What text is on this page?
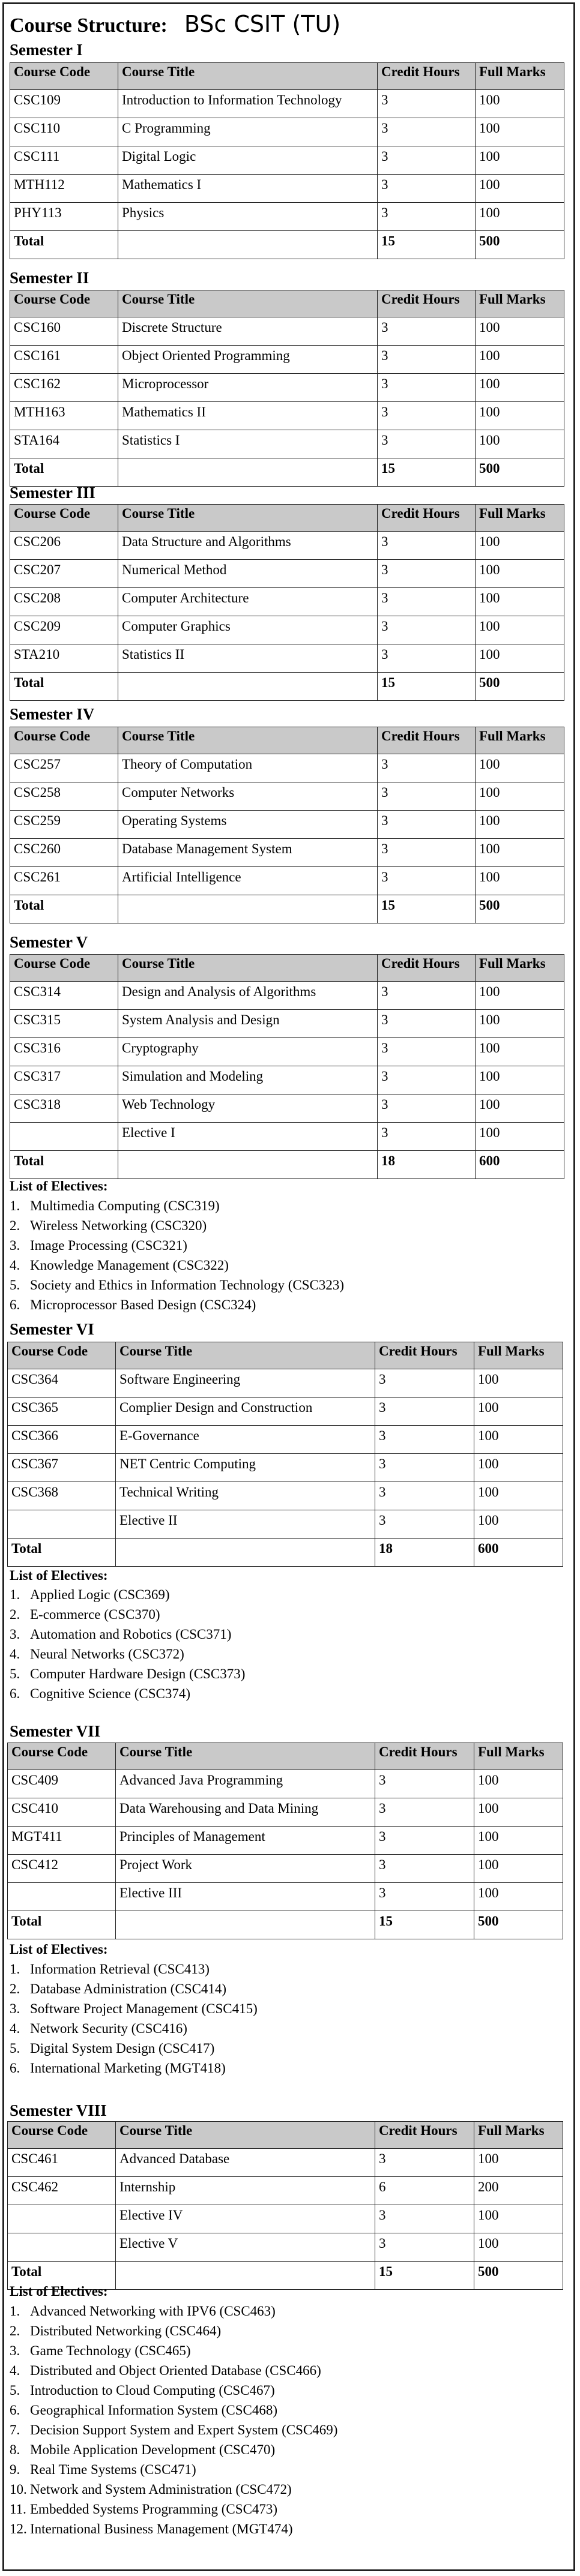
Course Structure: BSc CSIT (TU)
Semester I
Course Code	Course Title	Credit Hours	Full Marks
CSC109	Introduction to Information Technology	3	100
CSC110	C Programming	3	100
CSC111	Digital Logic	3	100
MTH112	Mathematics I	3	100
PHY113	Physics	3	100
Total		15	500
Semester II
Course Code	Course Title	Credit Hours	Full Marks
CSC160	Discrete Structure	3	100
CSC161	Object Oriented Programming	3	100
CSC162	Microprocessor	3	100
MTH163	Mathematics II	3	100
STA164	Statistics I	3	100
Total		15	500
Semester III
Course Code	Course Title	Credit Hours	Full Marks
CSC206	Data Structure and Algorithms	3	100
CSC207	Numerical Method	3	100
CSC208	Computer Architecture	3	100
CSC209	Computer Graphics	3	100
STA210	Statistics II	3	100
Total		15	500
Semester IV
Course Code	Course Title	Credit Hours	Full Marks
CSC257	Theory of Computation	3	100
CSC258	Computer Networks	3	100
CSC259	Operating Systems	3	100
CSC260	Database Management System	3	100
CSC261	Artificial Intelligence	3	100
Total		15	500
Semester V
Course Code	Course Title	Credit Hours	Full Marks
CSC314	Design and Analysis of Algorithms	3	100
CSC315	System Analysis and Design	3	100
CSC316	Cryptography	3	100
CSC317	Simulation and Modeling	3	100
CSC318	Web Technology	3	100
	Elective I	3	100
Total		18	600
List of Electives:
1. Multimedia Computing (CSC319)
2. Wireless Networking (CSC320)
3. Image Processing (CSC321)
4. Knowledge Management (CSC322)
5. Society and Ethics in Information Technology (CSC323)
6. Microprocessor Based Design (CSC324)
Semester VI
Course Code	Course Title	Credit Hours	Full Marks
CSC364	Software Engineering	3	100
CSC365	Complier Design and Construction	3	100
CSC366	E-Governance	3	100
CSC367	NET Centric Computing	3	100
CSC368	Technical Writing	3	100
	Elective II	3	100
Total		18	600
List of Electives:
1. Applied Logic (CSC369)
2. E-commerce (CSC370)
3. Automation and Robotics (CSC371)
4. Neural Networks (CSC372)
5. Computer Hardware Design (CSC373)
6. Cognitive Science (CSC374)
Semester VII
Course Code	Course Title	Credit Hours	Full Marks
CSC409	Advanced Java Programming	3	100
CSC410	Data Warehousing and Data Mining	3	100
MGT411	Principles of Management	3	100
CSC412	Project Work	3	100
	Elective III	3	100
Total		15	500
List of Electives:
1. Information Retrieval (CSC413)
2. Database Administration (CSC414)
3. Software Project Management (CSC415)
4. Network Security (CSC416)
5. Digital System Design (CSC417)
6. International Marketing (MGT418)
Semester VIII
Course Code	Course Title	Credit Hours	Full Marks
CSC461	Advanced Database	3	100
CSC462	Internship	6	200
	Elective IV	3	100
	Elective V	3	100
Total		15	500
List of Electives:
1. Advanced Networking with IPV6 (CSC463)
2. Distributed Networking (CSC464)
3. Game Technology (CSC465)
4. Distributed and Object Oriented Database (CSC466)
5. Introduction to Cloud Computing (CSC467)
6. Geographical Information System (CSC468)
7. Decision Support System and Expert System (CSC469)
8. Mobile Application Development (CSC470)
9. Real Time Systems (CSC471)
10. Network and System Administration (CSC472)
11. Embedded Systems Programming (CSC473)
12. International Business Management (MGT474)
